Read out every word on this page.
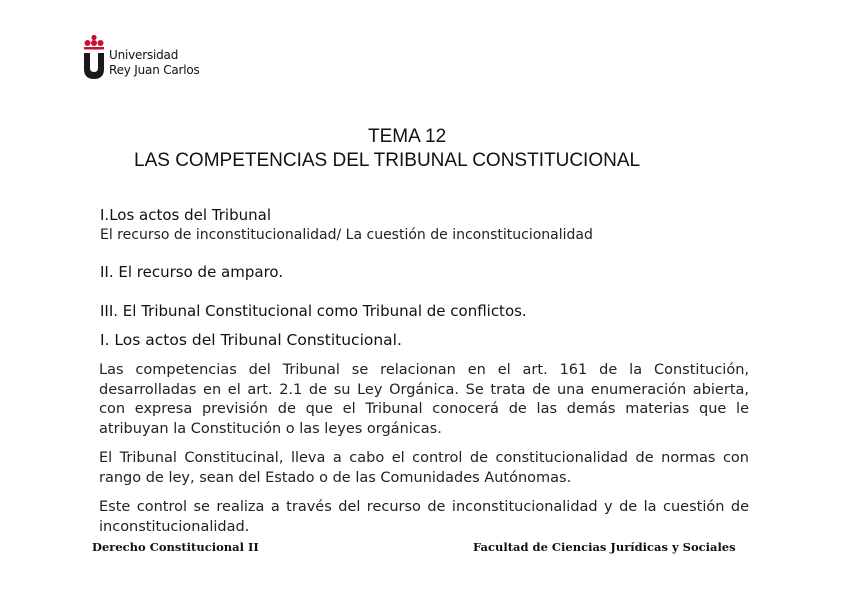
Universidad
Rey Juan Carlos
TEMA 12
LAS COMPETENCIAS DEL TRIBUNAL CONSTITUCIONAL
I.Los actos del Tribunal
El recurso de inconstitucionalidad/ La cuestión de inconstitucionalidad
II. El recurso de amparo.
III. El Tribunal Constitucional como Tribunal de conflictos.
I. Los actos del Tribunal Constitucional.

Las competencias del Tribunal se relacionan en el art. 161 de la Constitución, desarrolladas en el art. 2.1 de su Ley Orgánica. Se trata de una enumeración abierta, con expresa previsión de que el Tribunal conocerá de las demás materias que le atribuyan la Constitución o las leyes orgánicas.

El Tribunal Constitucinal, lleva a cabo el control de constitucionalidad de normas con rango de ley, sean del Estado o de las Comunidades Autónomas.

Este control se realiza a través del recurso de inconstitucionalidad y de la cuestión de inconstitucionalidad.

Derecho Constitucional II	Facultad de Ciencias Jurídicas y Sociales
